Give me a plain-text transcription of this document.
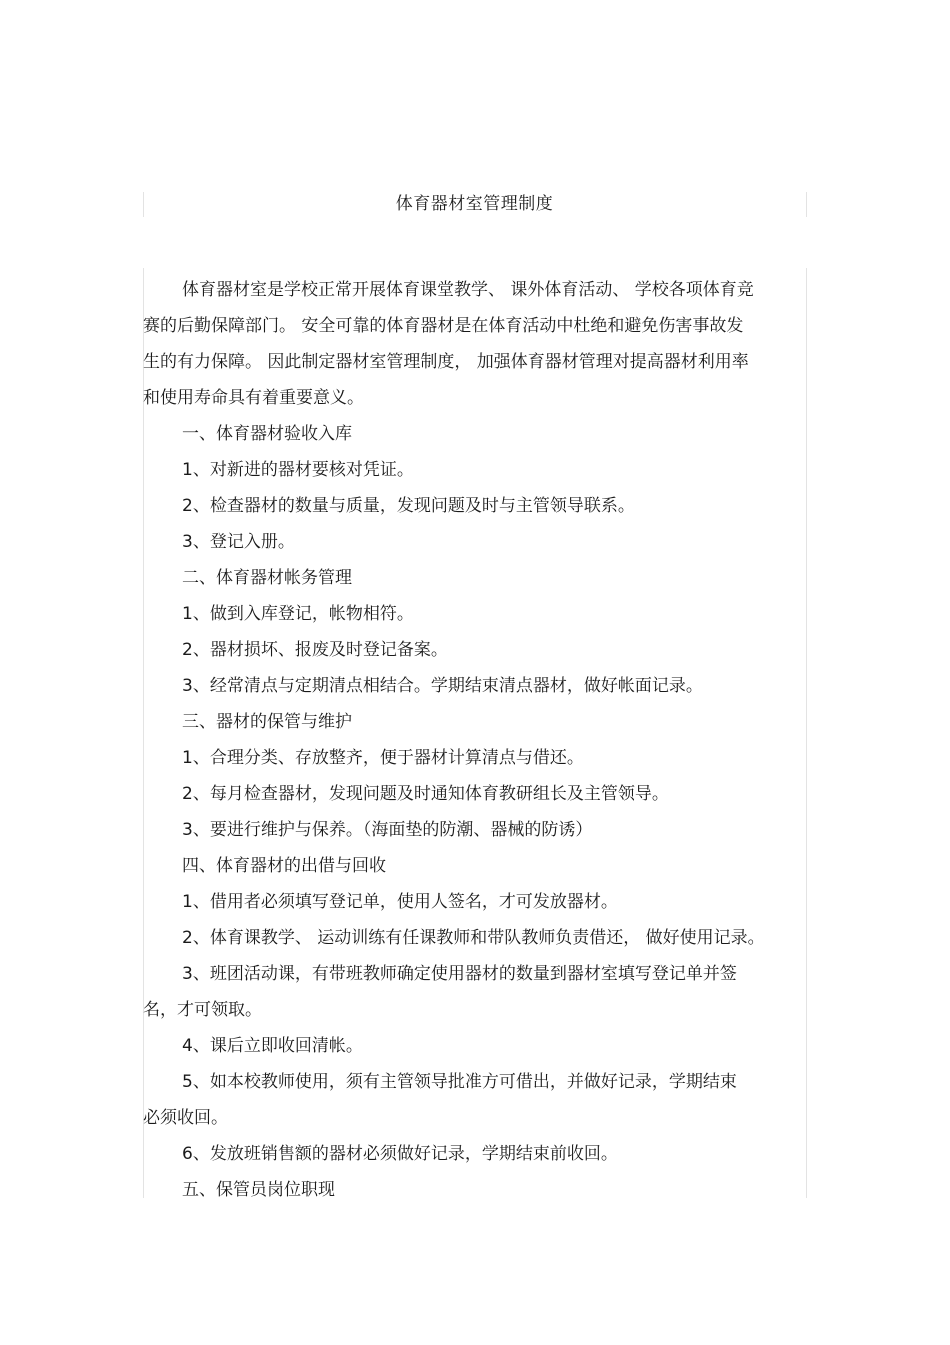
体育器材室管理制度
体育器材室是学校正常开展体育课堂教学、 课外体育活动、 学校各项体育竞
赛的后勤保障部门。 安全可靠的体育器材是在体育活动中杜绝和避免伤害事故发
生的有力保障。 因此制定器材室管理制度， 加强体育器材管理对提高器材利用率
和使用寿命具有着重要意义。
一、体育器材验收入库
1、对新进的器材要核对凭证。
2、检查器材的数量与质量，发现问题及时与主管领导联系。
3、登记入册。
二、体育器材帐务管理
1、做到入库登记，帐物相符。
2、器材损坏、报废及时登记备案。
3、经常清点与定期清点相结合。学期结束清点器材，做好帐面记录。
三、器材的保管与维护
1、合理分类、存放整齐，便于器材计算清点与借还。
2、每月检查器材，发现问题及时通知体育教研组长及主管领导。
3、要进行维护与保养。（海面垫的防潮、器械的防诱）
四、体育器材的出借与回收
1、借用者必须填写登记单，使用人签名，才可发放器材。
2、体育课教学、 运动训练有任课教师和带队教师负责借还， 做好使用记录。
3、班团活动课，有带班教师确定使用器材的数量到器材室填写登记单并签
名，才可领取。
4、课后立即收回清帐。
5、如本校教师使用，须有主管领导批准方可借出，并做好记录，学期结束
必须收回。
6、发放班销售额的器材必须做好记录，学期结束前收回。
五、保管员岗位职现
